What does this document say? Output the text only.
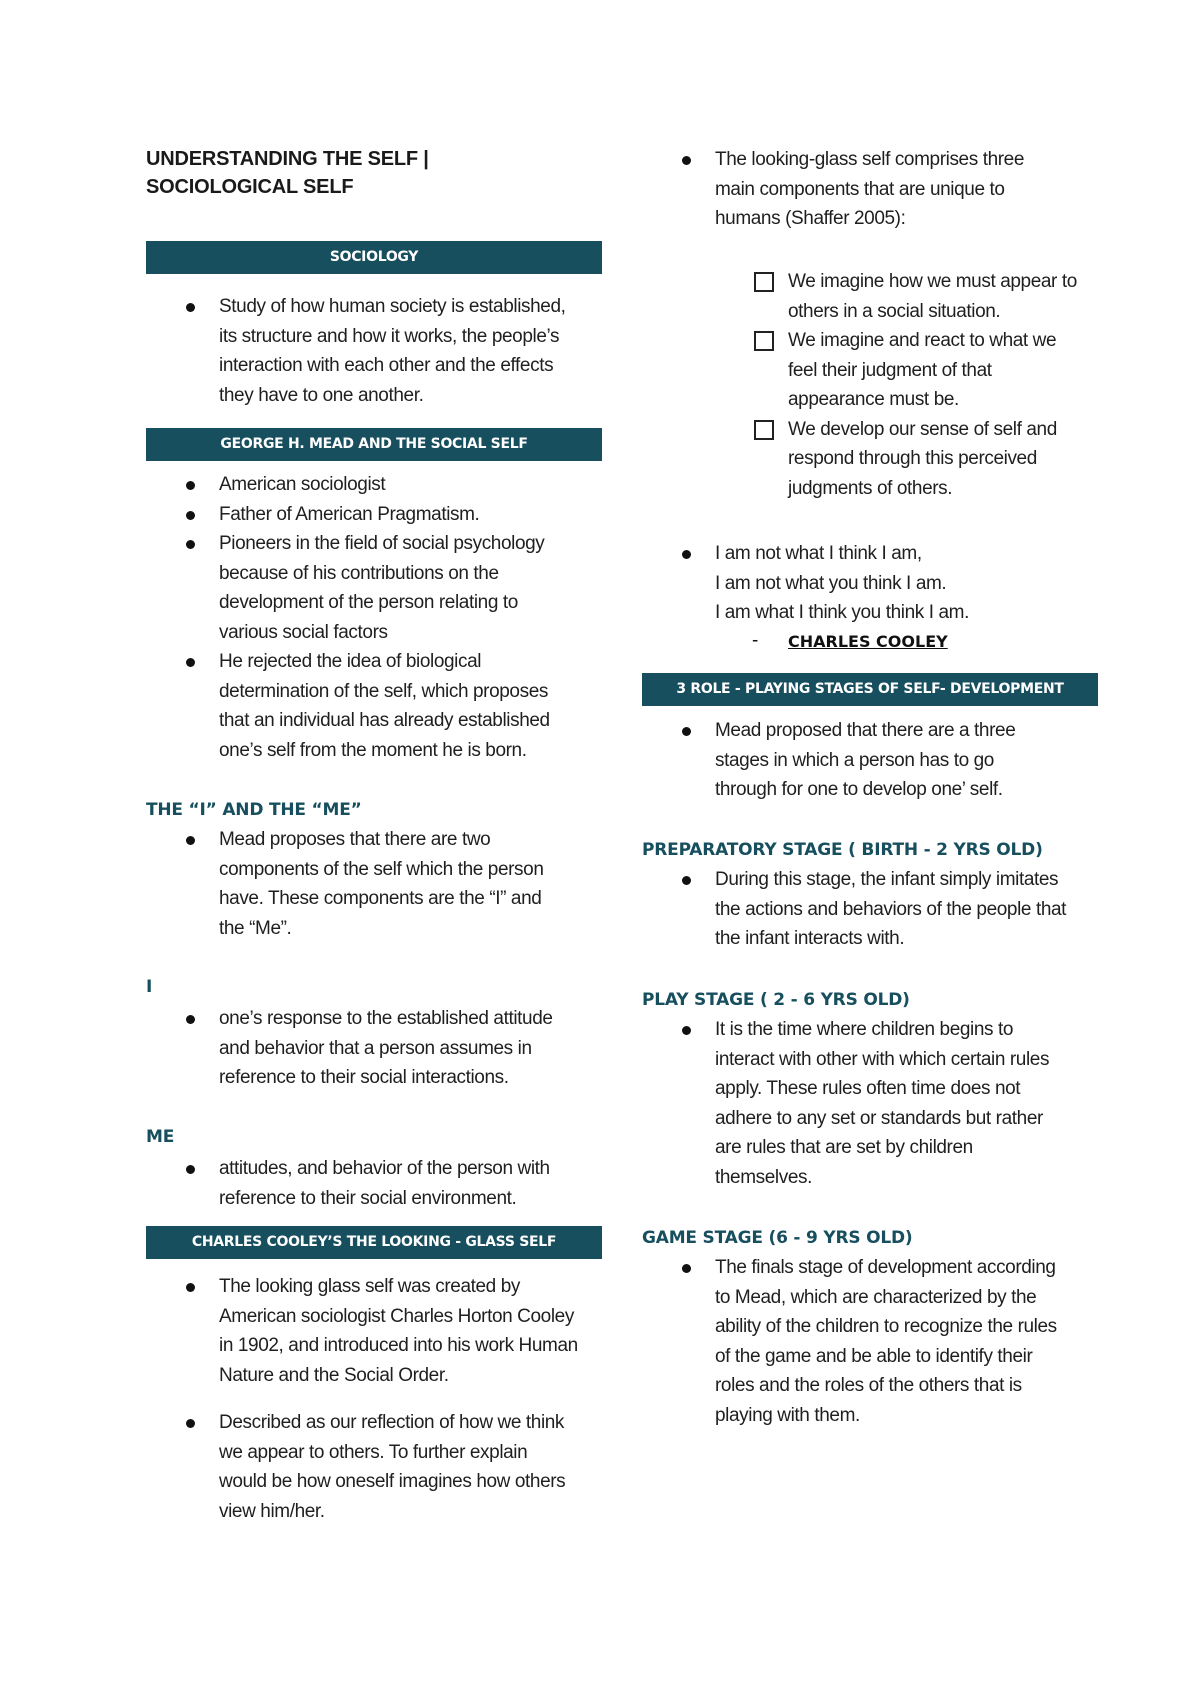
UNDERSTANDING THE SELF | SOCIOLOGICAL SELF
SOCIOLOGY
Study of how human society is established, its structure and how it works, the people’s interaction with each other and the effects they have to one another.
GEORGE H. MEAD AND THE SOCIAL SELF
American sociologist
Father of American Pragmatism.
Pioneers in the field of social psychology because of his contributions on the development of the person relating to various social factors
He rejected the idea of biological determination of the self, which proposes that an individual has already established one’s self from the moment he is born.
THE “I” AND THE “ME”
Mead proposes that there are two components of the self which the person have. These components are the “I” and the “Me”.
I
one’s response to the established attitude and behavior that a person assumes in reference to their social interactions.
ME
attitudes, and behavior of the person with reference to their social environment.
CHARLES COOLEY’S THE LOOKING - GLASS SELF
The looking glass self was created by American sociologist Charles Horton Cooley in 1902, and introduced into his work Human Nature and the Social Order.
Described as our reflection of how we think we appear to others. To further explain would be how oneself imagines how others view him/her.
The looking-glass self comprises three main components that are unique to humans (Shaffer 2005):
We imagine how we must appear to others in a social situation.
We imagine and react to what we feel their judgment of that appearance must be.
We develop our sense of self and respond through this perceived judgments of others.
I am not what I think I am,
I am not what you think I am.
I am what I think you think I am.
- CHARLES COOLEY
3 ROLE - PLAYING STAGES OF SELF- DEVELOPMENT
Mead proposed that there are a three stages in which a person has to go through for one to develop one’ self.
PREPARATORY STAGE ( BIRTH - 2 YRS OLD)
During this stage, the infant simply imitates the actions and behaviors of the people that the infant interacts with.
PLAY STAGE ( 2 - 6 YRS OLD)
It is the time where children begins to interact with other with which certain rules apply. These rules often time does not adhere to any set or standards but rather are rules that are set by children themselves.
GAME STAGE (6 - 9 YRS OLD)
The finals stage of development according to Mead, which are characterized by the ability of the children to recognize the rules of the game and be able to identify their roles and the roles of the others that is playing with them.
